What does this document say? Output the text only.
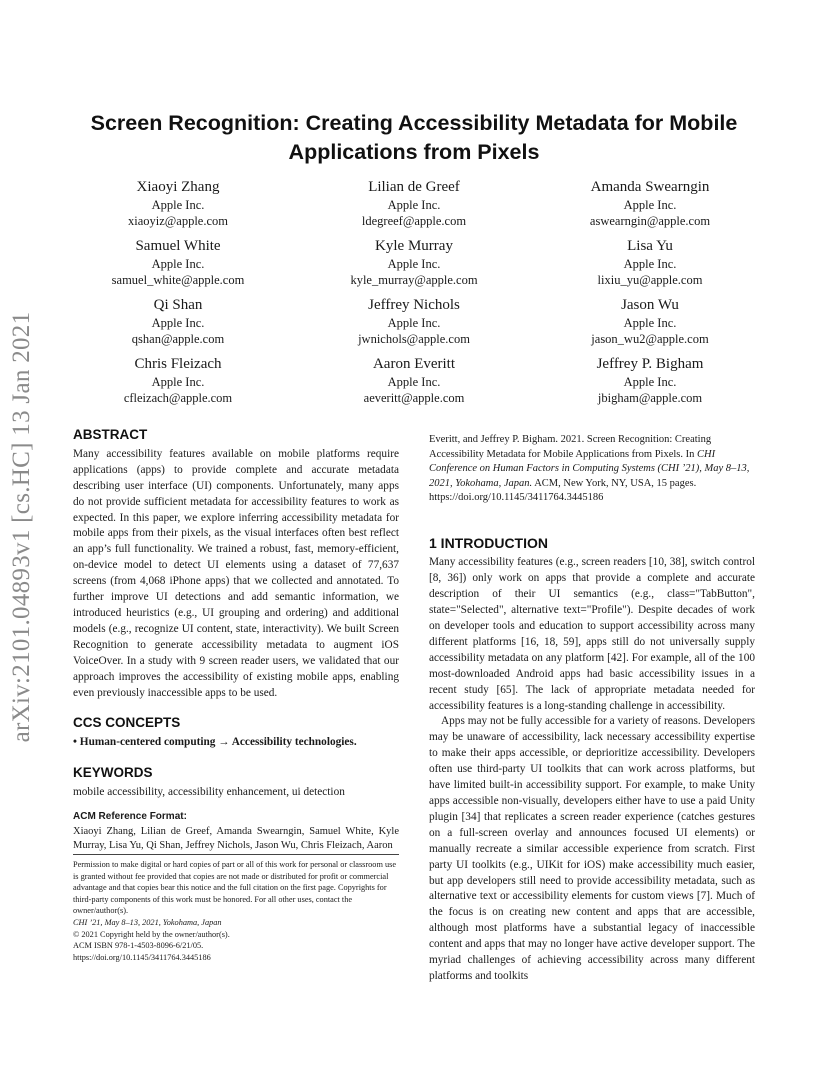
arXiv:2101.04893v1 [cs.HC] 13 Jan 2021
Screen Recognition: Creating Accessibility Metadata for Mobile Applications from Pixels
Xiaoyi Zhang
Apple Inc.
xiaoyiz@apple.com
Lilian de Greef
Apple Inc.
ldegreef@apple.com
Amanda Swearngin
Apple Inc.
aswearngin@apple.com
Samuel White
Apple Inc.
samuel_white@apple.com
Kyle Murray
Apple Inc.
kyle_murray@apple.com
Lisa Yu
Apple Inc.
lixiu_yu@apple.com
Qi Shan
Apple Inc.
qshan@apple.com
Jeffrey Nichols
Apple Inc.
jwnichols@apple.com
Jason Wu
Apple Inc.
jason_wu2@apple.com
Chris Fleizach
Apple Inc.
cfleizach@apple.com
Aaron Everitt
Apple Inc.
aeveritt@apple.com
Jeffrey P. Bigham
Apple Inc.
jbigham@apple.com
ABSTRACT

Many accessibility features available on mobile platforms require applications (apps) to provide complete and accurate metadata describing user interface (UI) components. Unfortunately, many apps do not provide sufficient metadata for accessibility features to work as expected. In this paper, we explore inferring accessibility metadata for mobile apps from their pixels, as the visual interfaces often best reflect an app’s full functionality. We trained a robust, fast, memory-efficient, on-device model to detect UI elements using a dataset of 77,637 screens (from 4,068 iPhone apps) that we collected and annotated. To further improve UI detections and add semantic information, we introduced heuristics (e.g., UI grouping and ordering) and additional models (e.g., recognize UI content, state, interactivity). We built Screen Recognition to generate accessibility metadata to augment iOS VoiceOver. In a study with 9 screen reader users, we validated that our approach improves the accessibility of existing mobile apps, enabling even previously inaccessible apps to be used.

CCS CONCEPTS

• Human-centered computing → Accessibility technologies.

KEYWORDS

mobile accessibility, accessibility enhancement, ui detection

ACM Reference Format:

Xiaoyi Zhang, Lilian de Greef, Amanda Swearngin, Samuel White, Kyle Murray, Lisa Yu, Qi Shan, Jeffrey Nichols, Jason Wu, Chris Fleizach, Aaron

Permission to make digital or hard copies of part or all of this work for personal or classroom use is granted without fee provided that copies are not made or distributed for profit or commercial advantage and that copies bear this notice and the full citation on the first page. Copyrights for third-party components of this work must be honored. For all other uses, contact the owner/author(s).
CHI ’21, May 8–13, 2021, Yokohama, Japan
© 2021 Copyright held by the owner/author(s).
ACM ISBN 978-1-4503-8096-6/21/05.
https://doi.org/10.1145/3411764.3445186

Everitt, and Jeffrey P. Bigham. 2021. Screen Recognition: Creating Accessibility Metadata for Mobile Applications from Pixels. In CHI Conference on Human Factors in Computing Systems (CHI ’21), May 8–13, 2021, Yokohama, Japan. ACM, New York, NY, USA, 15 pages. https://doi.org/10.1145/3411764.3445186

1 INTRODUCTION

Many accessibility features (e.g., screen readers [10, 38], switch control [8, 36]) only work on apps that provide a complete and accurate description of their UI semantics (e.g., class="TabButton", state="Selected", alternative text="Profile"). Despite decades of work on developer tools and education to support accessibility across many different platforms [16, 18, 59], apps still do not universally supply accessibility metadata on any platform [42]. For example, all of the 100 most-downloaded Android apps had basic accessibility issues in a recent study [65]. The lack of appropriate metadata needed for accessibility features is a long-standing challenge in accessibility.

Apps may not be fully accessible for a variety of reasons. Developers may be unaware of accessibility, lack necessary accessibility expertise to make their apps accessible, or deprioritize accessibility. Developers often use third-party UI toolkits that can work across platforms, but have limited built-in accessibility support. For example, to make Unity apps accessible non-visually, developers either have to use a paid Unity plugin [34] that replicates a screen reader experience (catches gestures on a full-screen overlay and announces focused UI elements) or manually recreate a similar accessible experience from scratch. First party UI toolkits (e.g., UIKit for iOS) make accessibility much easier, but app developers still need to provide accessibility metadata, such as alternative text or accessibility elements for custom views [7]. Much of the focus is on creating new content and apps that are accessible, although most platforms have a substantial legacy of inaccessible content and apps that may no longer have active developer support. The myriad challenges of achieving accessibility across many different platforms and toolkits
